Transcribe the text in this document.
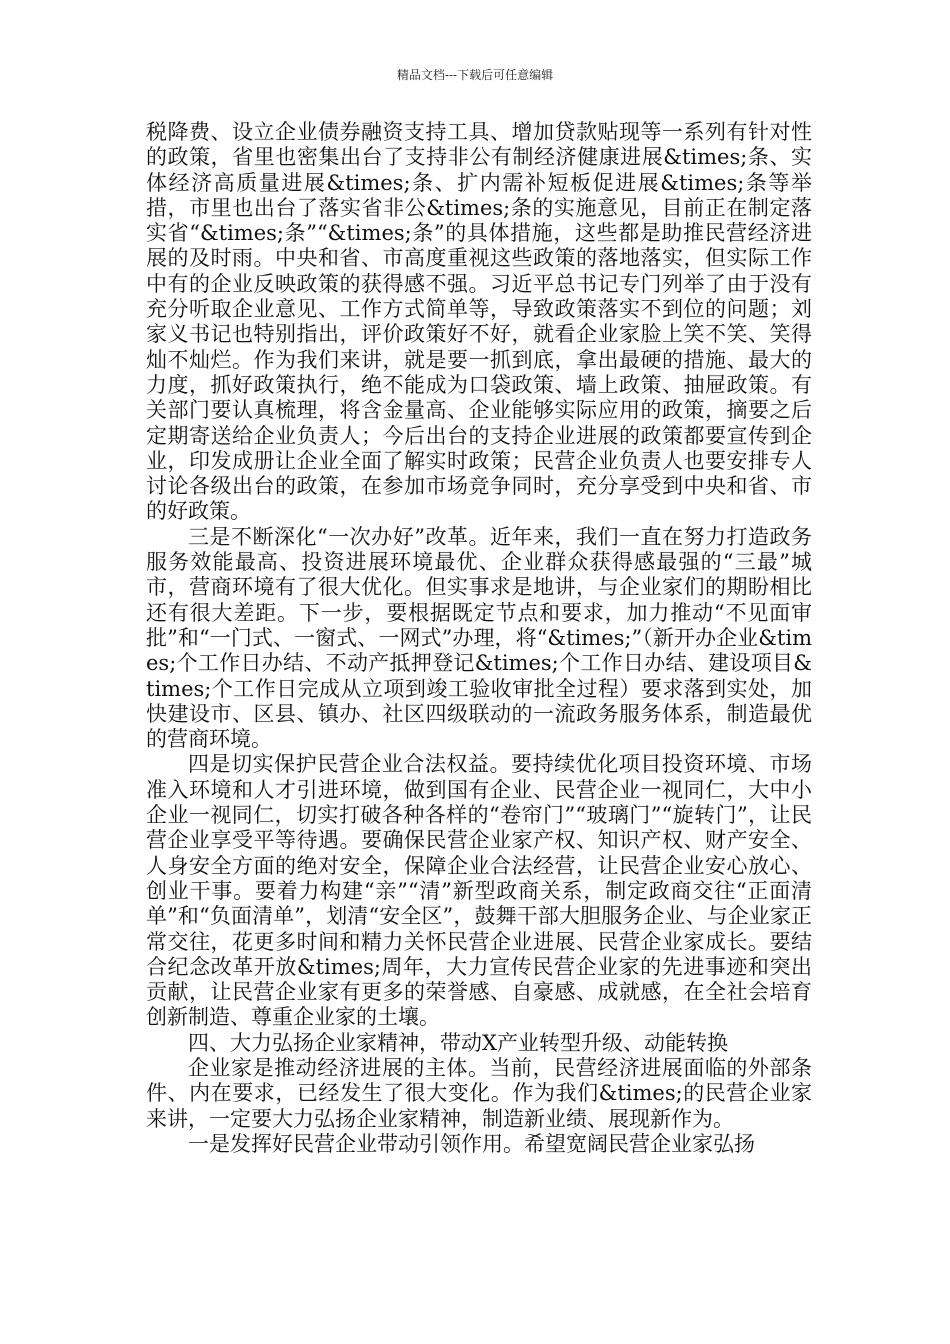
精品文档---下载后可任意编辑

税降费、设立企业债券融资支持工具、增加贷款贴现等一系列有针对性的政策，省里也密集出台了支持非公有制经济健康进展&times;条、实体经济高质量进展&times;条、扩内需补短板促进展&times;条等举措，市里也出台了落实省非公&times;条的实施意见，目前正在制定落实省“&times;条”“&times;条”的具体措施，这些都是助推民营经济进展的及时雨。中央和省、市高度重视这些政策的落地落实，但实际工作中有的企业反映政策的获得感不强。习近平总书记专门列举了由于没有充分听取企业意见、工作方式简单等，导致政策落实不到位的问题；刘家义书记也特别指出，评价政策好不好，就看企业家脸上笑不笑、笑得灿不灿烂。作为我们来讲，就是要一抓到底，拿出最硬的措施、最大的力度，抓好政策执行，绝不能成为口袋政策、墙上政策、抽屉政策。有关部门要认真梳理，将含金量高、企业能够实际应用的政策，摘要之后定期寄送给企业负责人；今后出台的支持企业进展的政策都要宣传到企业，印发成册让企业全面了解实时政策；民营企业负责人也要安排专人讨论各级出台的政策，在参加市场竞争同时，充分享受到中央和省、市的好政策。

三是不断深化“一次办好”改革。近年来，我们一直在努力打造政务服务效能最高、投资进展环境最优、企业群众获得感最强的“三最”城市，营商环境有了很大优化。但实事求是地讲，与企业家们的期盼相比还有很大差距。下一步，要根据既定节点和要求，加力推动“不见面审批”和“一门式、一窗式、一网式”办理，将“&times;”（新开办企业&times;个工作日办结、不动产抵押登记&times;个工作日办结、建设项目&times;个工作日完成从立项到竣工验收审批全过程）要求落到实处，加快建设市、区县、镇办、社区四级联动的一流政务服务体系，制造最优的营商环境。

四是切实保护民营企业合法权益。要持续优化项目投资环境、市场准入环境和人才引进环境，做到国有企业、民营企业一视同仁，大中小企业一视同仁，切实打破各种各样的“卷帘门”“玻璃门”“旋转门”，让民营企业享受平等待遇。要确保民营企业家产权、知识产权、财产安全、人身安全方面的绝对安全，保障企业合法经营，让民营企业安心放心、创业干事。要着力构建“亲”“清”新型政商关系，制定政商交往“正面清单”和“负面清单”，划清“安全区”，鼓舞干部大胆服务企业、与企业家正常交往，花更多时间和精力关怀民营企业进展、民营企业家成长。要结合纪念改革开放&times;周年，大力宣传民营企业家的先进事迹和突出贡献，让民营企业家有更多的荣誉感、自豪感、成就感，在全社会培育创新制造、尊重企业家的土壤。

四、大力弘扬企业家精神，带动X产业转型升级、动能转换

企业家是推动经济进展的主体。当前，民营经济进展面临的外部条件、内在要求，已经发生了很大变化。作为我们&times;的民营企业家来讲，一定要大力弘扬企业家精神，制造新业绩、展现新作为。

一是发挥好民营企业带动引领作用。希望宽阔民营企业家弘扬
